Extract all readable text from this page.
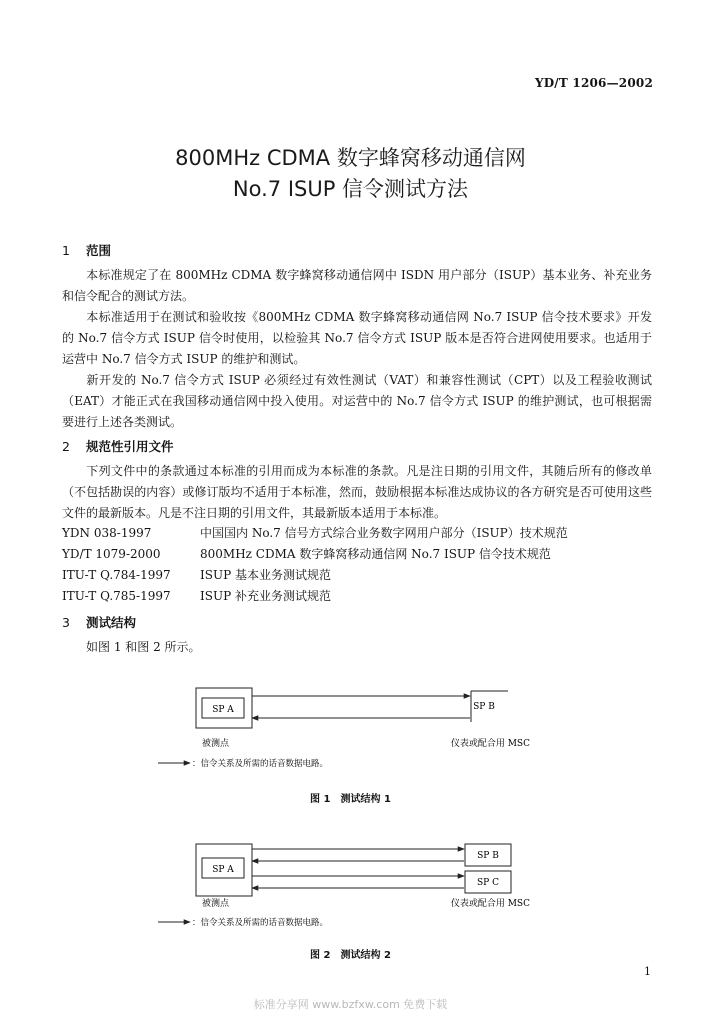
YD/T 1206—2002
800MHz CDMA 数字蜂窝移动通信网
No.7 ISUP 信令测试方法
1 范围
本标准规定了在 800MHz CDMA 数字蜂窝移动通信网中 ISDN 用户部分（ISUP）基本业务、补充业务和信令配合的测试方法。
本标准适用于在测试和验收按《800MHz CDMA 数字蜂窝移动通信网 No.7 ISUP 信令技术要求》开发的 No.7 信令方式 ISUP 信令时使用，以检验其 No.7 信令方式 ISUP 版本是否符合进网使用要求。也适用于运营中 No.7 信令方式 ISUP 的维护和测试。
新开发的 No.7 信令方式 ISUP 必须经过有效性测试（VAT）和兼容性测试（CPT）以及工程验收测试（EAT）才能正式在我国移动通信网中投入使用。对运营中的 No.7 信令方式 ISUP 的维护测试，也可根据需要进行上述各类测试。
2 规范性引用文件
下列文件中的条款通过本标准的引用而成为本标准的条款。凡是注日期的引用文件，其随后所有的修改单（不包括勘误的内容）或修订版均不适用于本标准，然而，鼓励根据本标准达成协议的各方研究是否可使用这些文件的最新版本。凡是不注日期的引用文件，其最新版本适用于本标准。
YDN 038-1997	中国国内 No.7 信号方式综合业务数字网用户部分（ISUP）技术规范
YD/T 1079-2000	800MHz CDMA 数字蜂窝移动通信网 No.7 ISUP 信令技术规范
ITU-T Q.784-1997 ISUP 基本业务测试规范
ITU-T Q.785-1997 ISUP 补充业务测试规范
3 测试结构
如图 1 和图 2 所示。
SP A	SP B
被测点	仪表或配合用 MSC
：信令关系及所需的话音数据电路。
图 1　测试结构 1
SP A
SP B
SP C
被测点	仪表或配合用 MSC
：信令关系及所需的话音数据电路。
图 2　测试结构 2
1
标准分享网 www.bzfxw.com 免费下载
